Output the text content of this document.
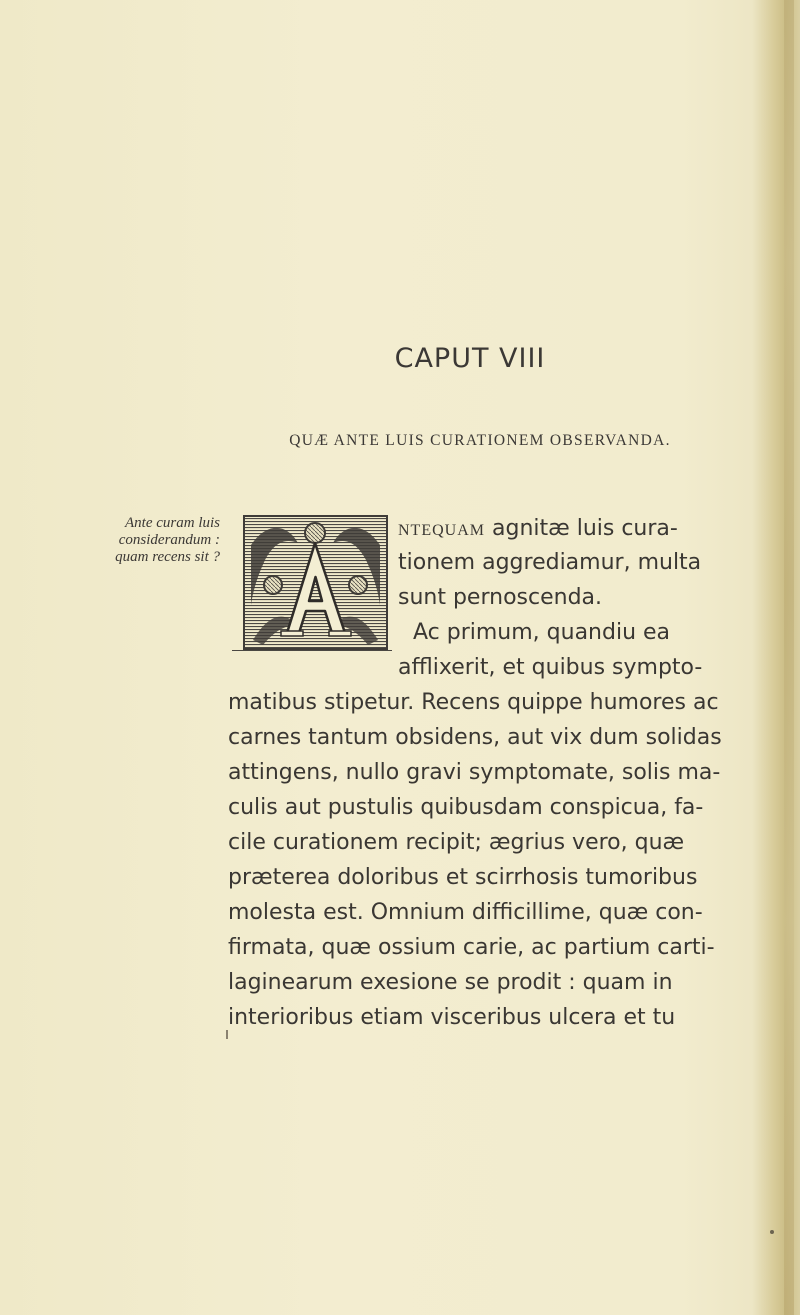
CAPUT VIII
QUÆ ANTE LUIS CURATIONEM OBSERVANDA.
Ante curam luis
considerandum :
quam recens sit ?
NTEQUAM agnitæ luis cura-
tionem aggrediamur, multa
sunt pernoscenda.
Ac primum, quandiu ea
afflixerit, et quibus sympto-
matibus stipetur. Recens quippe humores ac
carnes tantum obsidens, aut vix dum solidas
attingens, nullo gravi symptomate, solis ma-
culis aut pustulis quibusdam conspicua, fa-
cile curationem recipit; ægrius vero, quæ
præterea doloribus et scirrhosis tumoribus
molesta est. Omnium difficillime, quæ con-
firmata, quæ ossium carie, ac partium carti-
laginearum exesione se prodit : quam in
interioribus etiam visceribus ulcera et tu
